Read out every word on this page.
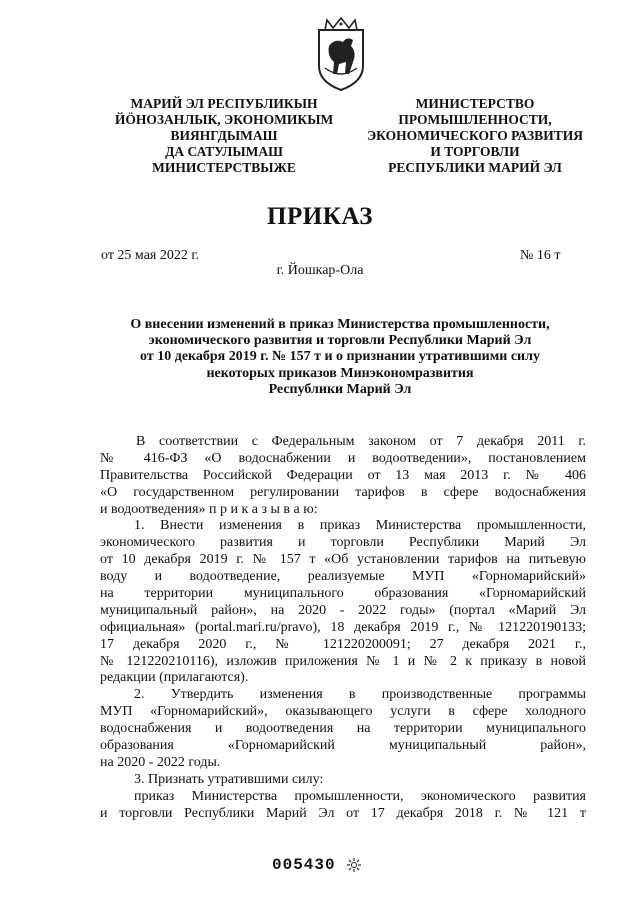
МАРИЙ ЭЛ РЕСПУБЛИКЫН
ЙӦНОЗАНЛЫК, ЭКОНОМИКЫМ
ВИЯНГДЫМАШ
ДА САТУЛЫМАШ
МИНИСТЕРСТВЫЖЕ
МИНИСТЕРСТВО
ПРОМЫШЛЕННОСТИ,
ЭКОНОМИЧЕСКОГО РАЗВИТИЯ
И ТОРГОВЛИ
РЕСПУБЛИКИ МАРИЙ ЭЛ
ПРИКАЗ
от 25 мая 2022 г.	№ 16 т
г. Йошкар-Ола
О внесении изменений в приказ Министерства промышленности,
экономического развития и торговли Республики Марий Эл
от 10 декабря 2019 г. № 157 т и о признании утратившими силу
некоторых приказов Минэкономразвития
Республики Марий Эл
В соответствии с Федеральным законом от 7 декабря 2011 г.
№ 416-ФЗ «О водоснабжении и водоотведении», постановлением
Правительства Российской Федерации от 13 мая 2013 г. № 406
«О государственном регулировании тарифов в сфере водоснабжения
и водоотведения» п р и к а з ы в а ю:
1. Внести изменения в приказ Министерства промышленности,
экономического развития и торговли Республики Марий Эл
от 10 декабря 2019 г. № 157 т «Об установлении тарифов на питьевую
воду и водоотведение, реализуемые МУП «Горномарийский»
на территории муниципального образования «Горномарийский
муниципальный район», на 2020 - 2022 годы» (портал «Марий Эл
официальная» (portal.mari.ru/pravo), 18 декабря 2019 г., № 121220190133;
17 декабря 2020 г., № 121220200091; 27 декабря 2021 г.,
№ 121220210116), изложив приложения № 1 и № 2 к приказу в новой
редакции (прилагаются).
2. Утвердить изменения в производственные программы
МУП «Горномарийский», оказывающего услуги в сфере холодного
водоснабжения и водоотведения на территории муниципального
образования «Горномарийский муниципальный район»,
на 2020 - 2022 годы.
3. Признать утратившими силу:
приказ Министерства промышленности, экономического развития
и торговли Республики Марий Эл от 17 декабря 2018 г. № 121 т
005430
